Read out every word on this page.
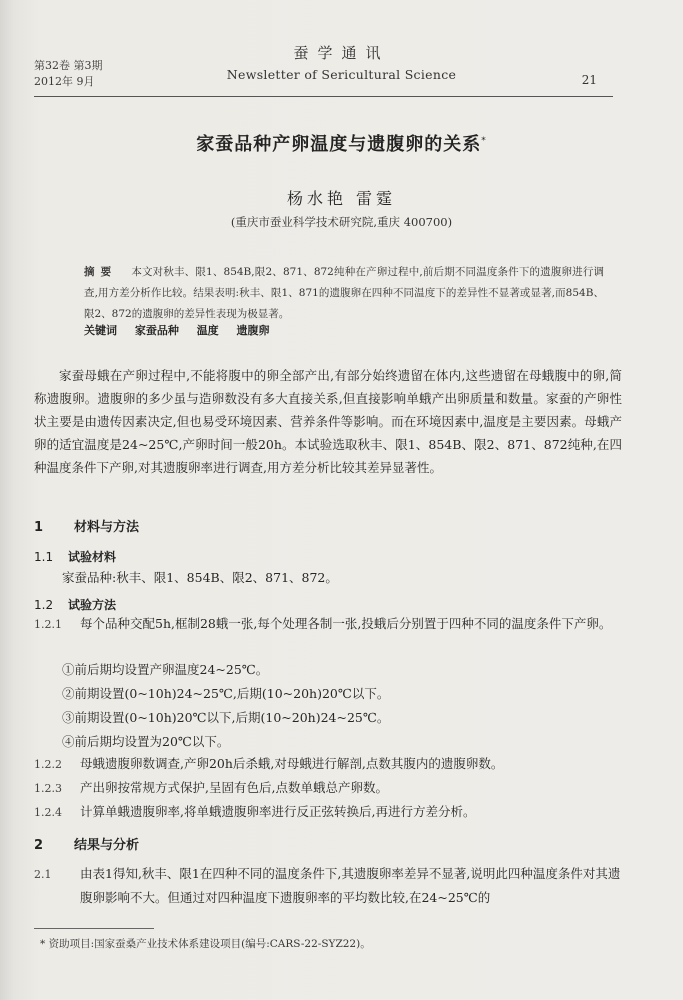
第32卷 第3期
2012年 9月
蚕学通讯
Newsletter of Sericultural Science	21
家蚕品种产卵温度与遗腹卵的关系*
杨水艳 雷霆
(重庆市蚕业科学技术研究院,重庆 400700)
摘要 本文对秋丰、限1、854B,限2、871、872纯种在产卵过程中,前后期不同温度条件下的遗腹卵进行调查,用方差分析作比较。结果表明:秋丰、限1、871的遗腹卵在四种不同温度下的差异性不显著或显著,而854B、限2、872的遗腹卵的差异性表现为极显著。
关键词 家蚕品种 温度 遗腹卵
家蚕母蛾在产卵过程中,不能将腹中的卵全部产出,有部分始终遗留在体内,这些遗留在母蛾腹中的卵,简称遗腹卵。遗腹卵的多少虽与造卵数没有多大直接关系,但直接影响单蛾产出卵质量和数量。家蚕的产卵性状主要是由遗传因素决定,但也易受环境因素、营养条件等影响。而在环境因素中,温度是主要因素。母蛾产卵的适宜温度是24~25℃,产卵时间一般20h。本试验选取秋丰、限1、854B、限2、871、872纯种,在四种温度条件下产卵,对其遗腹卵率进行调查,用方差分析比较其差异显著性。
1 材料与方法
1.1 试验材料
家蚕品种:秋丰、限1、854B、限2、871、872。
1.2 试验方法
1.2.1 每个品种交配5h,框制28蛾一张,每个处理各制一张,投蛾后分别置于四种不同的温度条件下产卵。
①前后期均设置产卵温度24~25℃。
②前期设置(0~10h)24~25℃,后期(10~20h)20℃以下。
③前期设置(0~10h)20℃以下,后期(10~20h)24~25℃。
④前后期均设置为20℃以下。
1.2.2 母蛾遗腹卵数调查,产卵20h后杀蛾,对母蛾进行解剖,点数其腹内的遗腹卵数。
1.2.3 产出卵按常规方式保护,呈固有色后,点数单蛾总产卵数。
1.2.4 计算单蛾遗腹卵率,将单蛾遗腹卵率进行反正弦转换后,再进行方差分析。
2 结果与分析
2.1 由表1得知,秋丰、限1在四种不同的温度条件下,其遗腹卵率差异不显著,说明此四种温度条件对其遗腹卵影响不大。但通过对四种温度下遗腹卵率的平均数比较,在24~25℃的
* 资助项目:国家蚕桑产业技术体系建设项目(编号:CARS-22-SYZ22)。
